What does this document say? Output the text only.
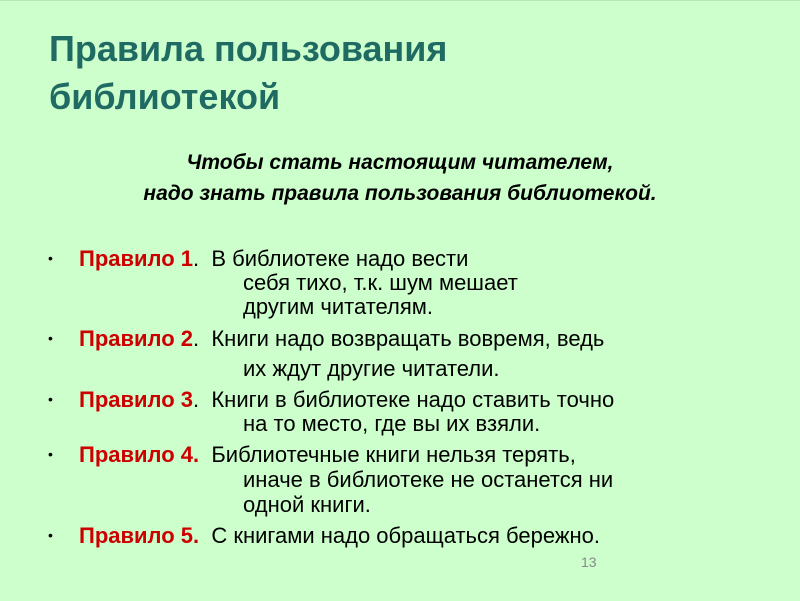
Правила пользования
библиотекой
Чтобы стать настоящим читателем,
надо знать правила пользования библиотекой.
• Правило 1.  В библиотеке надо вести
себя тихо, т.к. шум мешает
другим читателям.
• Правило 2.  Книги надо возвращать вовремя, ведь
их ждут другие читатели.
• Правило 3.  Книги в библиотеке надо ставить точно
на то место, где вы их взяли.
• Правило 4.  Библиотечные книги нельзя терять,
иначе в библиотеке не останется ни
одной книги.
• Правило 5.  С книгами надо обращаться бережно.
13
